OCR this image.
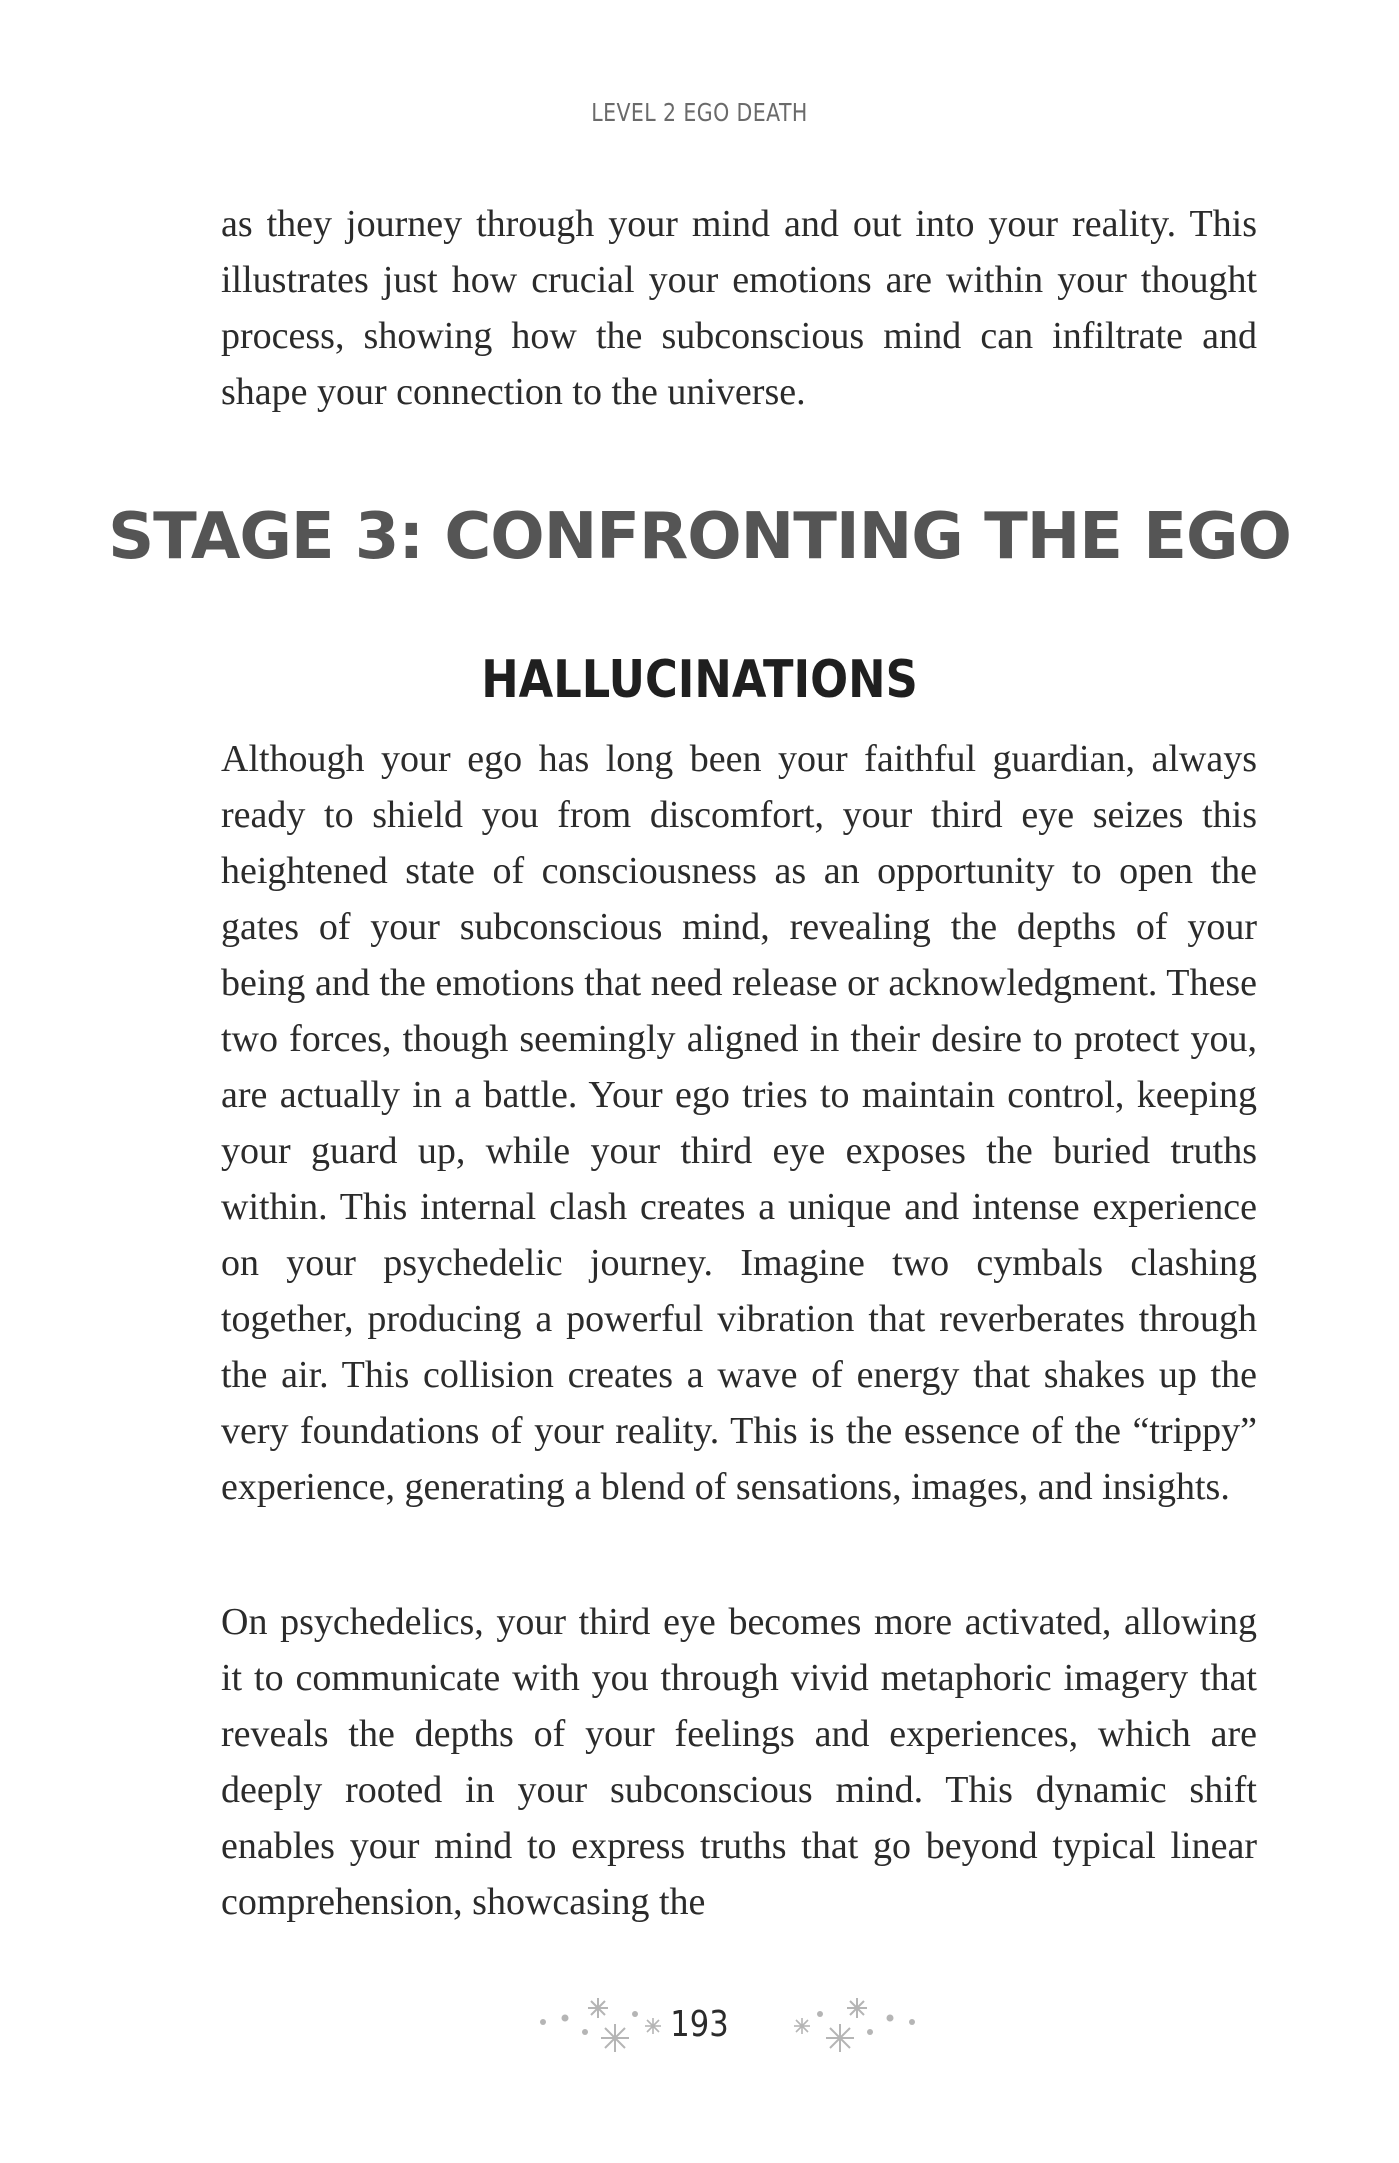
LEVEL 2 EGO DEATH

as they journey through your mind and out into your reality. This illustrates just how crucial your emotions are within your thought process, showing how the subconscious mind can infiltrate and shape your connection to the universe.

STAGE 3: CONFRONTING THE EGO
HALLUCINATIONS

Although your ego has long been your faithful guardian, always ready to shield you from discomfort, your third eye seizes this heightened state of consciousness as an opportunity to open the gates of your subconscious mind, revealing the depths of your being and the emotions that need release or acknowledgment. These two forces, though seemingly aligned in their desire to protect you, are actually in a battle. Your ego tries to maintain control, keeping your guard up, while your third eye exposes the buried truths within. This internal clash creates a unique and intense experience on your psychedelic journey. Imagine two cymbals clashing together, producing a powerful vibration that reverberates through the air. This collision creates a wave of energy that shakes up the very foundations of your reality. This is the essence of the “trippy” experience, generating a blend of sensations, images, and insights.

On psychedelics, your third eye becomes more activated, allowing it to communicate with you through vivid metaphoric imagery that reveals the depths of your feelings and experiences, which are deeply rooted in your subconscious mind. This dynamic shift enables your mind to express truths that go beyond typical linear comprehension, showcasing the

193
